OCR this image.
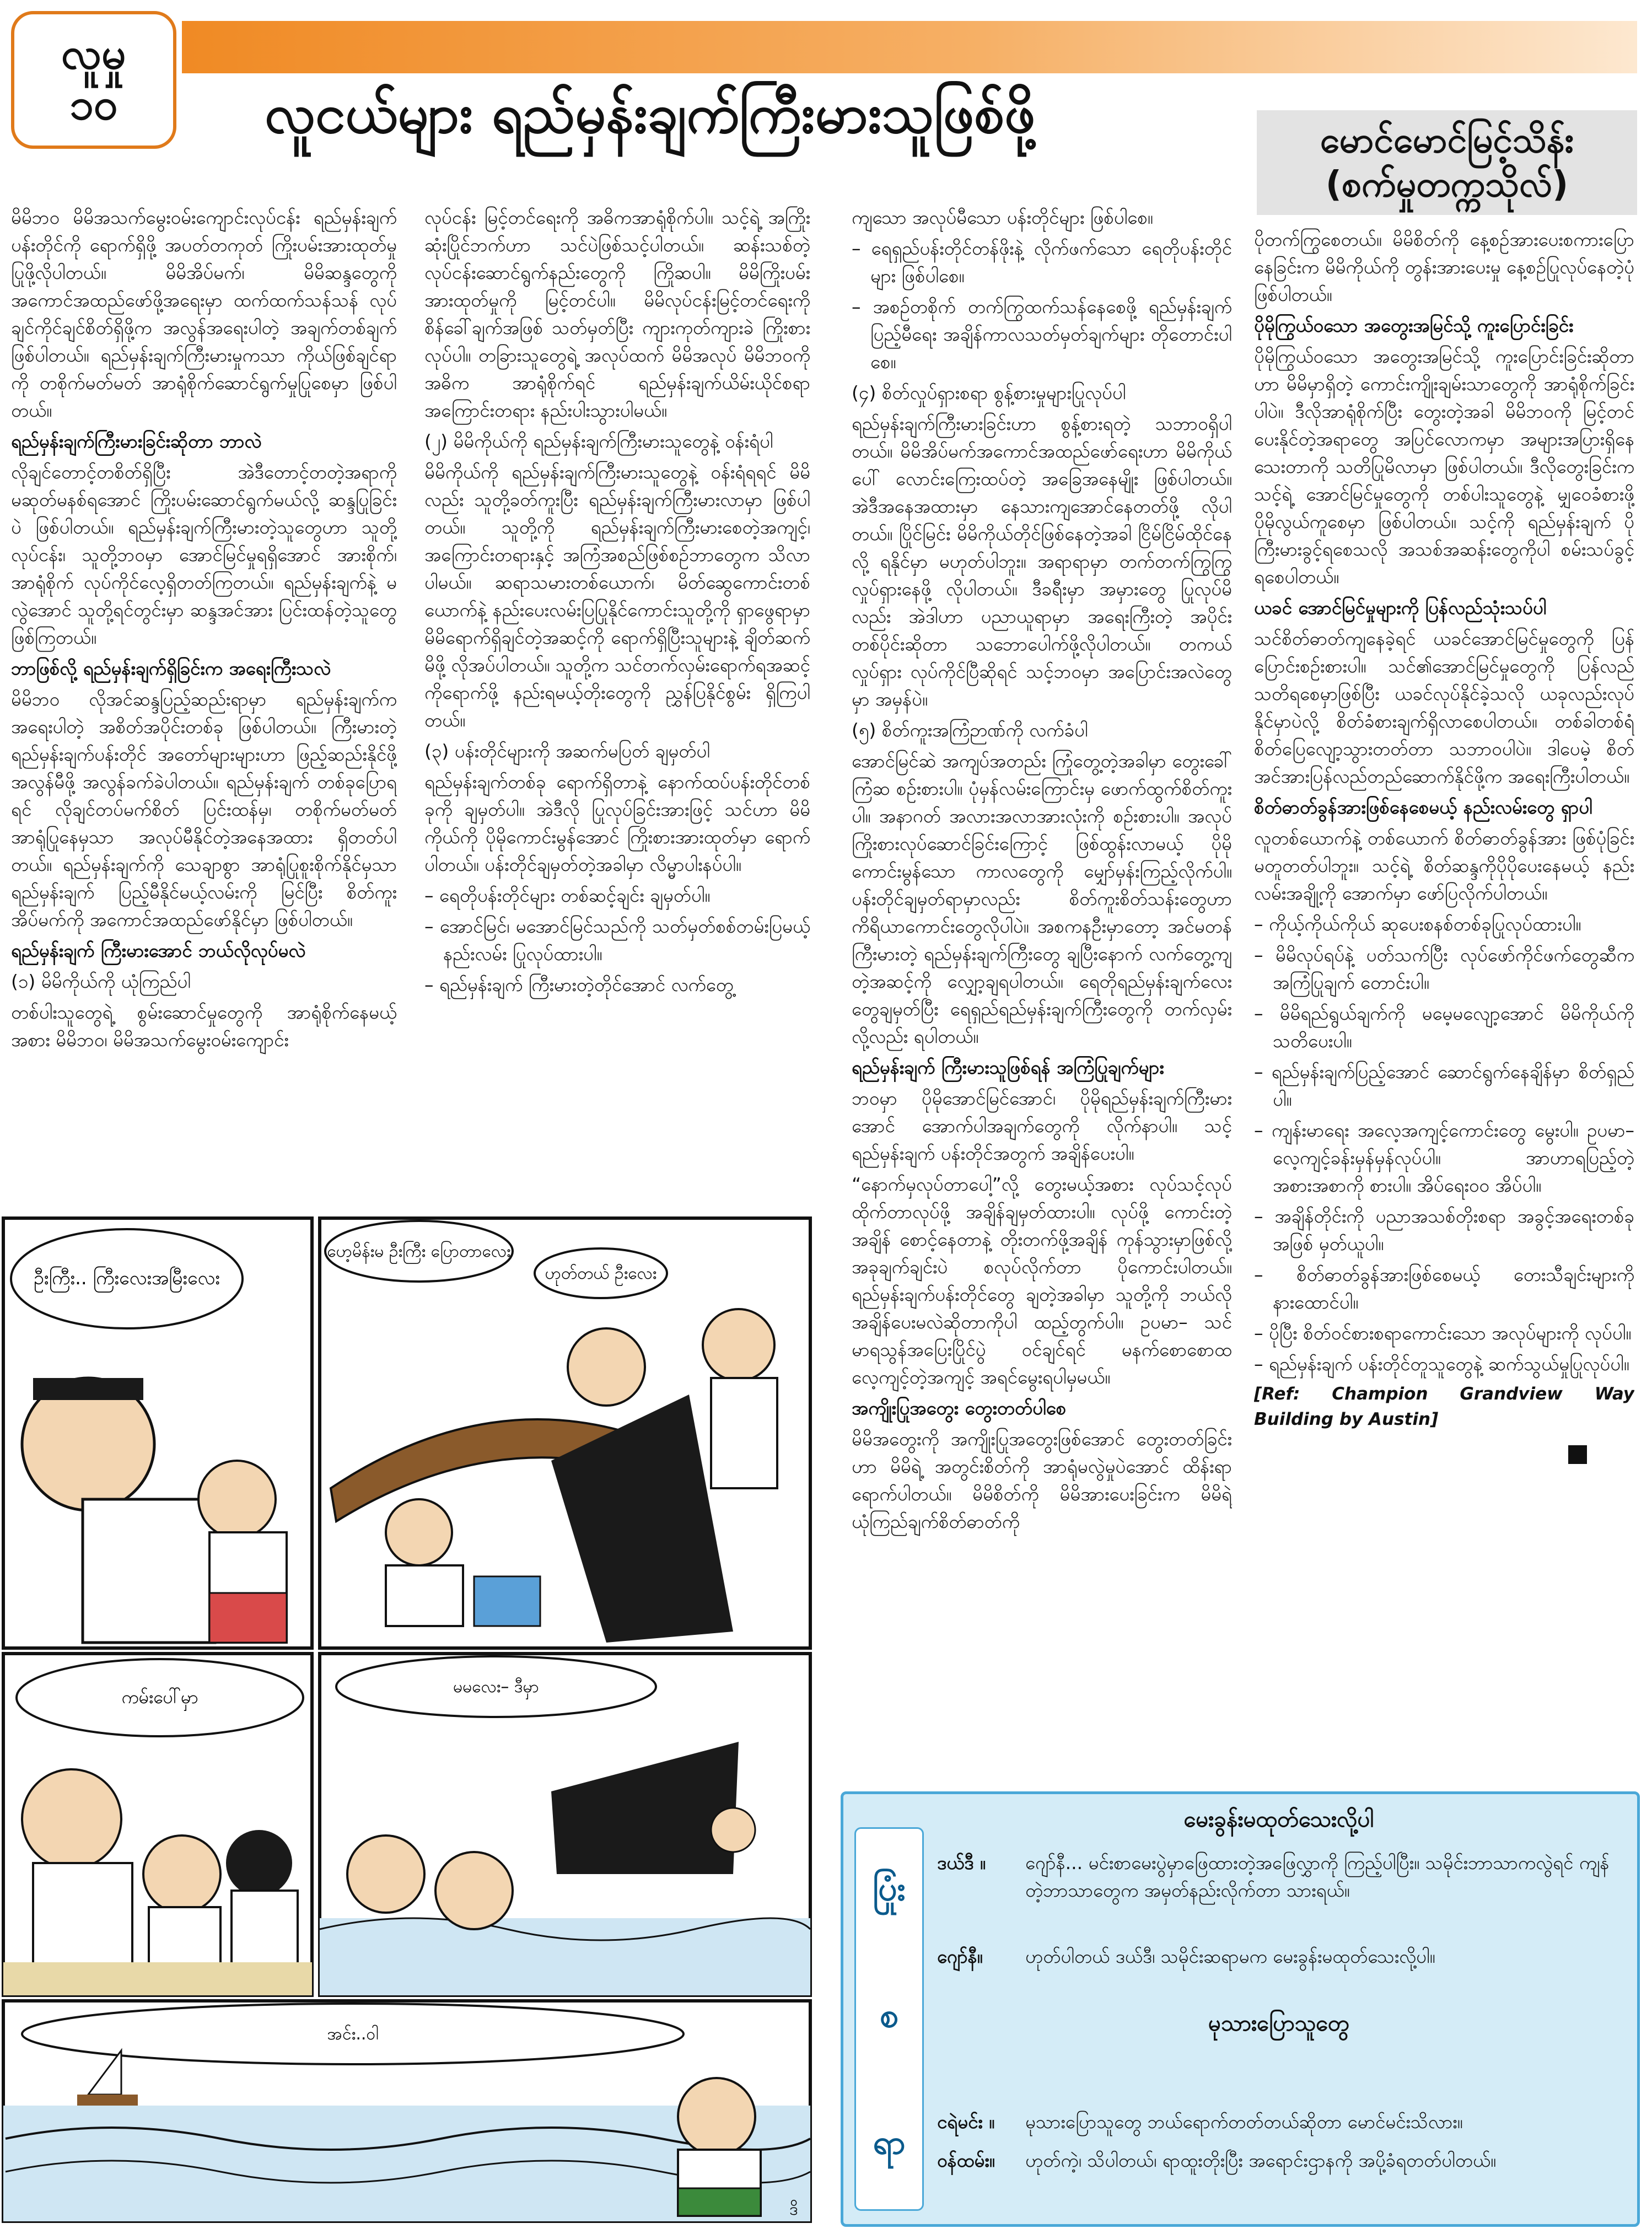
လူမှု
၁၀	လူငယ်များ ရည်မှန်းချက်ကြီးမားသူဖြစ်ဖို့	မောင်မောင်မြင့်သိန်း
(စက်မှုတက္ကသိုလ်)

မိမိဘဝ မိမိအသက်မွေးဝမ်းကျောင်းလုပ်ငန်း ရည်မှန်းချက်ပန်းတိုင်ကို ရောက်ရှိဖို့ အပတ်တကုတ် ကြိုးပမ်းအားထုတ်မှု ပြုဖို့လိုပါတယ်။ မိမိအိပ်မက်၊ မိမိဆန္ဒတွေကို အကောင်အထည်ဖော်ဖို့အရေးမှာ ထက်ထက်သန်သန် လုပ်ချင်ကိုင်ချင်စိတ်ရှိဖို့က အလွန်အရေးပါတဲ့ အချက်တစ်ချက် ဖြစ်ပါတယ်။ ရည်မှန်းချက်ကြီးမားမှုကသာ ကိုယ်ဖြစ်ချင်ရာကို တစိုက်မတ်မတ် အာရုံစိုက်ဆောင်ရွက်မှုပြုစေမှာ ဖြစ်ပါတယ်။

ရည်မှန်းချက်ကြီးမားခြင်းဆိုတာ ဘာလဲ

လိုချင်တောင့်တစိတ်ရှိပြီး အဲဒီတောင့်တတဲ့အရာကို မဆုတ်မနစ်ရအောင် ကြိုးပမ်းဆောင်ရွက်မယ်လို့ ဆန္ဒပြုခြင်းပဲ ဖြစ်ပါတယ်။ ရည်မှန်းချက်ကြီးမားတဲ့သူတွေဟာ သူတို့လုပ်ငန်း၊ သူတို့ဘဝမှာ အောင်မြင်မှုရရှိအောင် အားစိုက်၊ အာရုံစိုက် လုပ်ကိုင်လေ့ရှိတတ်ကြတယ်။ ရည်မှန်းချက်နဲ့ မလွဲအောင် သူတို့ရင်တွင်းမှာ ဆန္ဒအင်အား ပြင်းထန်တဲ့သူတွေ ဖြစ်ကြတယ်။

ဘာဖြစ်လို့ ရည်မှန်းချက်ရှိခြင်းက အရေးကြီးသလဲ

မိမိဘဝ လိုအင်ဆန္ဒပြည့်ဆည်းရာမှာ ရည်မှန်းချက်က အရေးပါတဲ့ အစိတ်အပိုင်းတစ်ခု ဖြစ်ပါတယ်။ ကြီးမားတဲ့ ရည်မှန်းချက်ပန်းတိုင် အတော်များများဟာ ဖြည့်ဆည်းနိုင်ဖို့ အလွန်မီဖို့ အလွန်ခက်ခဲပါတယ်။ ရည်မှန်းချက် တစ်ခုပြောရရင် လိုချင်တပ်မက်စိတ် ပြင်းထန်မှ၊ တစိုက်မတ်မတ် အာရုံပြုနေမှသာ အလုပ်မီနိုင်တဲ့အနေအထား ရှိတတ်ပါတယ်။ ရည်မှန်းချက်ကို သေချာစွာ အာရုံပြုစူးစိုက်နိုင်မှသာ ရည်မှန်းချက် ပြည့်မီနိုင်မယ့်လမ်းကို မြင်ပြီး စိတ်ကူးအိပ်မက်ကို အကောင်အထည်ဖော်နိုင်မှာ ဖြစ်ပါတယ်။

ရည်မှန်းချက် ကြီးမားအောင် ဘယ်လိုလုပ်မလဲ

(၁) မိမိကိုယ်ကို ယုံကြည်ပါ

တစ်ပါးသူတွေရဲ့ စွမ်းဆောင်မှုတွေကို အာရုံစိုက်နေမယ့်အစား မိမိဘဝ၊ မိမိအသက်မွေးဝမ်းကျောင်း

လုပ်ငန်း မြင့်တင်ရေးကို အဓိကအာရုံစိုက်ပါ။ သင့်ရဲ့ အကြိုးဆုံးပြိုင်ဘက်ဟာ သင်ပဲဖြစ်သင့်ပါတယ်။ ဆန်းသစ်တဲ့ လုပ်ငန်းဆောင်ရွက်နည်းတွေကို ကြိုဆပါ။ မိမိကြိုးပမ်းအားထုတ်မှုကို မြင့်တင်ပါ။ မိမိလုပ်ငန်းမြင့်တင်ရေးကို စိန်ခေါ်ချက်အဖြစ် သတ်မှတ်ပြီး ကျားကုတ်ကျားခဲ ကြိုးစားလုပ်ပါ။ တခြားသူတွေရဲ့ အလုပ်ထက် မိမိအလုပ် မိမိဘဝကို အဓိက အာရုံစိုက်ရင် ရည်မှန်းချက်ယိမ်းယိုင်စရာ အကြောင်းတရား နည်းပါးသွားပါမယ်။

(၂) မိမိကိုယ်ကို ရည်မှန်းချက်ကြီးမားသူတွေနဲ့ ဝန်းရံပါ

မိမိကိုယ်ကို ရည်မှန်းချက်ကြီးမားသူတွေနဲ့ ဝန်းရံရရင် မိမိလည်း သူတို့ခတ်ကူးပြီး ရည်မှန်းချက်ကြီးမားလာမှာ ဖြစ်ပါတယ်။ သူတို့ကို ရည်မှန်းချက်ကြီးမားစေတဲ့အကျင့်၊ အကြောင်းတရားနှင့် အကြံအစည်ဖြစ်စဉ်ဘာတွေက သိလာပါမယ်။ ဆရာသမားတစ်ယောက်၊ မိတ်ဆွေကောင်းတစ်ယောက်နဲ့ နည်းပေးလမ်းပြပြုနိုင်ကောင်းသူတို့ကို ရှာဖွေရာမှာ မိမိရောက်ရှိချင်တဲ့အဆင့်ကို ရောက်ရှိပြီးသူများနဲ့ ချိတ်ဆက်မိဖို့ လိုအပ်ပါတယ်။ သူတို့က သင်တက်လှမ်းရောက်ရအဆင့်ကိုရောက်ဖို့ နည်းရမယ့်တိုးတွေကို ညွှန်ပြနိုင်စွမ်း ရှိကြပါတယ်။

(၃) ပန်းတိုင်များကို အဆက်မပြတ် ချမှတ်ပါ

ရည်မှန်းချက်တစ်ခု ရောက်ရှိတာနဲ့ နောက်ထပ်ပန်းတိုင်တစ်ခုကို ချမှတ်ပါ။ အဲဒီလို ပြုလုပ်ခြင်းအားဖြင့် သင်ဟာ မိမိကိုယ်ကို ပိုမိုကောင်းမွန်အောင် ကြိုးစားအားထုတ်မှာ ရောက်ပါတယ်။ ပန်းတိုင်ချမှတ်တဲ့အခါမှာ လိမ္မာပါးနပ်ပါ။

– ရေတိုပန်းတိုင်များ တစ်ဆင့်ချင်း ချမှတ်ပါ။

– အောင်မြင်၊ မအောင်မြင်သည်ကို သတ်မှတ်စစ်တမ်းပြမယ့်နည်းလမ်း ပြုလုပ်ထားပါ။

– ရည်မှန်းချက် ကြီးမားတဲ့တိုင်အောင် လက်တွေ့

ကျသော အလုပ်မီသော ပန်းတိုင်များ ဖြစ်ပါစေ။

– ရေရှည်ပန်းတိုင်တန်ဖိုးနဲ့ လိုက်ဖက်သော ရေတိုပန်းတိုင်များ ဖြစ်ပါစေ။

– အစဉ်တစိုက် တက်ကြွထက်သန်နေစေဖို့ ရည်မှန်းချက်ပြည့်မီရေး အချိန်ကာလသတ်မှတ်ချက်များ တိုတောင်းပါစေ။

(၄) စိတ်လှုပ်ရှားစရာ စွန့်စားမှုများပြုလုပ်ပါ

ရည်မှန်းချက်ကြီးမားခြင်းဟာ စွန့်စားရတဲ့ သဘာဝရှိပါတယ်။ မိမိအိပ်မက်အကောင်အထည်ဖော်ရေးဟာ မိမိကိုယ်ပေါ် လောင်းကြေးထပ်တဲ့ အခြေအနေမျိုး ဖြစ်ပါတယ်။ အဲဒီအနေအထားမှာ နေသားကျအောင်နေတတ်ဖို့ လိုပါတယ်။ ပြိုင်မြင်း မိမိကိုယ်တိုင်ဖြစ်နေတဲ့အခါ ငြိမ်ငြိမ်ထိုင်နေလို့ ရနိုင်မှာ မဟုတ်ပါဘူး။ အရာရာမှာ တက်တက်ကြွကြွ လှုပ်ရှားနေဖို့ လိုပါတယ်။ ဒီခရီးမှာ အမှားတွေ ပြုလုပ်မိလည်း အဲဒါဟာ ပညာယူရာမှာ အရေးကြီးတဲ့ အပိုင်းတစ်ပိုင်းဆိုတာ သဘောပေါက်ဖို့လိုပါတယ်။ တကယ်လှုပ်ရှား လုပ်ကိုင်ပြီဆိုရင် သင့်ဘဝမှာ အပြောင်းအလဲတွေ မှာ အမှန်ပဲ။

(၅) စိတ်ကူးအကြံဉာဏ်ကို လက်ခံပါ

အောင်မြင်ဆဲ အကျပ်အတည်း ကြုံတွေ့တဲ့အခါမှာ တွေးခေါ်ကြံဆ စဉ်းစားပါ။ ပုံမှန်လမ်းကြောင်းမှ ဖောက်ထွက်စိတ်ကူးပါ။ အနာဂတ် အလားအလာအားလုံးကို စဉ်းစားပါ။ အလုပ်ကြိုးစားလုပ်ဆောင်ခြင်းကြောင့် ဖြစ်ထွန်းလာမယ့် ပိုမိုကောင်းမွန်သော ကာလတွေကို မျှော်မှန်းကြည့်လိုက်ပါ။ ပန်းတိုင်ချမှတ်ရာမှာလည်း စိတ်ကူးစိတ်သန်းတွေဟာ ကိရိယာကောင်းတွေလိုပါပဲ။ အစကနဦးမှာတော့ အင်မတန်ကြီးမားတဲ့ ရည်မှန်းချက်ကြီးတွေ ချပြီးနောက် လက်တွေ့ကျတဲ့အဆင့်ကို လျှော့ချရပါတယ်။ ရေတိုရည်မှန်းချက်လေးတွေချမှတ်ပြီး ရေရှည်ရည်မှန်းချက်ကြီးတွေကို တက်လှမ်းလို့လည်း ရပါတယ်။

ရည်မှန်းချက် ကြီးမားသူဖြစ်ရန် အကြံပြုချက်များ

ဘဝမှာ ပိုမိုအောင်မြင်အောင်၊ ပိုမိုရည်မှန်းချက်ကြီးမားအောင် အောက်ပါအချက်တွေကို လိုက်နာပါ။ သင့်ရည်မှန်းချက် ပန်းတိုင်အတွက် အချိန်ပေးပါ။

“နောက်မှလုပ်တာပေါ့”လို့ တွေးမယ့်အစား လုပ်သင့်လုပ်ထိုက်တာလုပ်ဖို့ အချိန်ချမှတ်ထားပါ။ လုပ်ဖို့ ကောင်းတဲ့အချိန် စောင့်နေတာနဲ့ တိုးတက်ဖို့အချိန် ကုန်သွားမှာဖြစ်လို့ အခုချက်ချင်းပဲ စလုပ်လိုက်တာ ပိုကောင်းပါတယ်။ ရည်မှန်းချက်ပန်းတိုင်တွေ ချတဲ့အခါမှာ သူတို့ကို ဘယ်လိုအချိန်ပေးမလဲဆိုတာကိုပါ ထည့်တွက်ပါ။ ဥပမာ– သင်မာရသွန်အပြေးပြိုင်ပွဲ ဝင်ချင်ရင် မနက်စောစောထ လေ့ကျင့်တဲ့အကျင့် အရင်မွေးရပါမှမယ်။

အကျိုးပြုအတွေး တွေးတတ်ပါစေ

မိမိအတွေးကို အကျိုးပြုအတွေးဖြစ်အောင် တွေးတတ်ခြင်းဟာ မိမိရဲ့ အတွင်းစိတ်ကို အာရုံမလွဲမှုပဲအောင် ထိန်းရာရောက်ပါတယ်။ မိမိစိတ်ကို မိမိအားပေးခြင်းက မိမိရဲ့ ယုံကြည်ချက်စိတ်ဓာတ်ကို

ပိုတက်ကြွစေတယ်။ မိမိစိတ်ကို နေ့စဉ်အားပေးစကားပြောနေခြင်းက မိမိကိုယ်ကို တွန်းအားပေးမှု နေ့စဉ်ပြုလုပ်နေတဲ့ပုံ ဖြစ်ပါတယ်။

ပိုမိုကြွယ်ဝသော အတွေးအမြင်သို့ ကူးပြောင်းခြင်း

ပိုမိုကြွယ်ဝသော အတွေးအမြင်သို့ ကူးပြောင်းခြင်းဆိုတာဟာ မိမိမှာရှိတဲ့ ကောင်းကျိုးချမ်းသာတွေကို အာရုံစိုက်ခြင်းပါပဲ။ ဒီလိုအာရုံစိုက်ပြီး တွေးတဲ့အခါ မိမိဘဝကို မြင့်တင်ပေးနိုင်တဲ့အရာတွေ အပြင်လောကမှာ အများအပြားရှိနေသေးတာကို သတိပြုမိလာမှာ ဖြစ်ပါတယ်။ ဒီလိုတွေးခြင်းက သင့်ရဲ့ အောင်မြင်မှုတွေကို တစ်ပါးသူတွေနဲ့ မျှဝေခံစားဖို့ ပိုမိုလွယ်ကူစေမှာ ဖြစ်ပါတယ်။ သင့်ကို ရည်မှန်းချက် ပိုကြီးမားခွင့်ရစေသလို အသစ်အဆန်းတွေကိုပါ စမ်းသပ်ခွင့် ရစေပါတယ်။

ယခင် အောင်မြင်မှုများကို ပြန်လည်သုံးသပ်ပါ

သင်စိတ်ဓာတ်ကျနေခဲ့ရင် ယခင်အောင်မြင်မှုတွေကို ပြန်ပြောင်းစဉ်းစားပါ။ သင်၏အောင်မြင်မှုတွေကို ပြန်လည်သတိရစေမှာဖြစ်ပြီး ယခင်လုပ်နိုင်ခဲ့သလို ယခုလည်းလုပ်နိုင်မှာပဲလို့ စိတ်ခံစားချက်ရှိလာစေပါတယ်။ တစ်ခါတစ်ရံ စိတ်ပြေလျော့သွားတတ်တာ သဘာဝပါပဲ။ ဒါပေမဲ့ စိတ်အင်အားပြန်လည်တည်ဆောက်နိုင်ဖို့က အရေးကြီးပါတယ်။

စိတ်ဓာတ်ခွန်အားဖြစ်နေစေမယ့် နည်းလမ်းတွေ ရှာပါ

လူတစ်ယောက်နဲ့ တစ်ယောက် စိတ်ဓာတ်ခွန်အား ဖြစ်ပုံခြင်း မတူတတ်ပါဘူး။ သင့်ရဲ့ စိတ်ဆန္ဒကိုပိုပိုပေးနေမယ့် နည်းလမ်းအချို့ကို အောက်မှာ ဖော်ပြလိုက်ပါတယ်။

– ကိုယ့်ကိုယ်ကိုယ် ဆုပေးစနစ်တစ်ခုပြုလုပ်ထားပါ။

– မိမိလုပ်ရပ်နဲ့ ပတ်သက်ပြီး လုပ်ဖော်ကိုင်ဖက်တွေဆီက အကြံပြုချက် တောင်းပါ။

– မိမိရည်ရွယ်ချက်ကို မမေ့မလျော့အောင် မိမိကိုယ်ကို သတိပေးပါ။

– ရည်မှန်းချက်ပြည့်အောင် ဆောင်ရွက်နေချိန်မှာ စိတ်ရှည်ပါ။

– ကျန်းမာရေး အလေ့အကျင့်ကောင်းတွေ မွေးပါ။ ဥပမာ– လေ့ကျင့်ခန်းမှန်မှန်လုပ်ပါ။ အာဟာရပြည့်တဲ့ အစားအစာကို စားပါ။ အိပ်ရေးဝဝ အိပ်ပါ။

– အချိန်တိုင်းကို ပညာအသစ်တိုးစရာ အခွင့်အရေးတစ်ခုအဖြစ် မှတ်ယူပါ။

– စိတ်ဓာတ်ခွန်အားဖြစ်စေမယ့် တေးသီချင်းများကို နားထောင်ပါ။

– ပိုပြီး စိတ်ဝင်စားစရာကောင်းသော အလုပ်များကို လုပ်ပါ။

– ရည်မှန်းချက် ပန်းတိုင်တူသူတွေနဲ့ ဆက်သွယ်မှုပြုလုပ်ပါ။

[Ref: Champion Grandview Way Building by Austin]

ဦးကြီး.. ကြီးလေးအမြီးလေး
ဟေ့မိန်းမ ဦးကြီး ပြောတာလေး
ဟုတ်တယ် ဦးလေး
ကမ်းပေါ်မှာ	မမလေး– ဒီမှာ
အင်း..ဝါ
ဒိ
ပြုံး
စ
ရာ
မေးခွန်းမထုတ်သေးလို့ပါ
ဒယ်ဒီ ။	ဂျော်နီ... မင်းစာမေးပွဲမှာဖြေထားတဲ့အဖြေလွှာကို ကြည့်ပါပြီး။ သမိုင်းဘာသာကလွဲရင် ကျန်တဲ့ဘာသာတွေက အမှတ်နည်းလိုက်တာ သားရယ်။
ဂျော်နီ။	ဟုတ်ပါတယ် ဒယ်ဒီ၊ သမိုင်းဆရာမက မေးခွန်းမထုတ်သေးလို့ပါ။
မုသားပြောသူတွေ
ငရဲမင်း ။	မုသားပြောသူတွေ ဘယ်ရောက်တတ်တယ်ဆိုတာ မောင်မင်းသိလား။
ဝန်ထမ်း။	ဟုတ်ကဲ့၊ သိပါတယ်၊ ရာထူးတိုးပြီး အရောင်းဌာနကို အပို့ခံရတတ်ပါတယ်။
